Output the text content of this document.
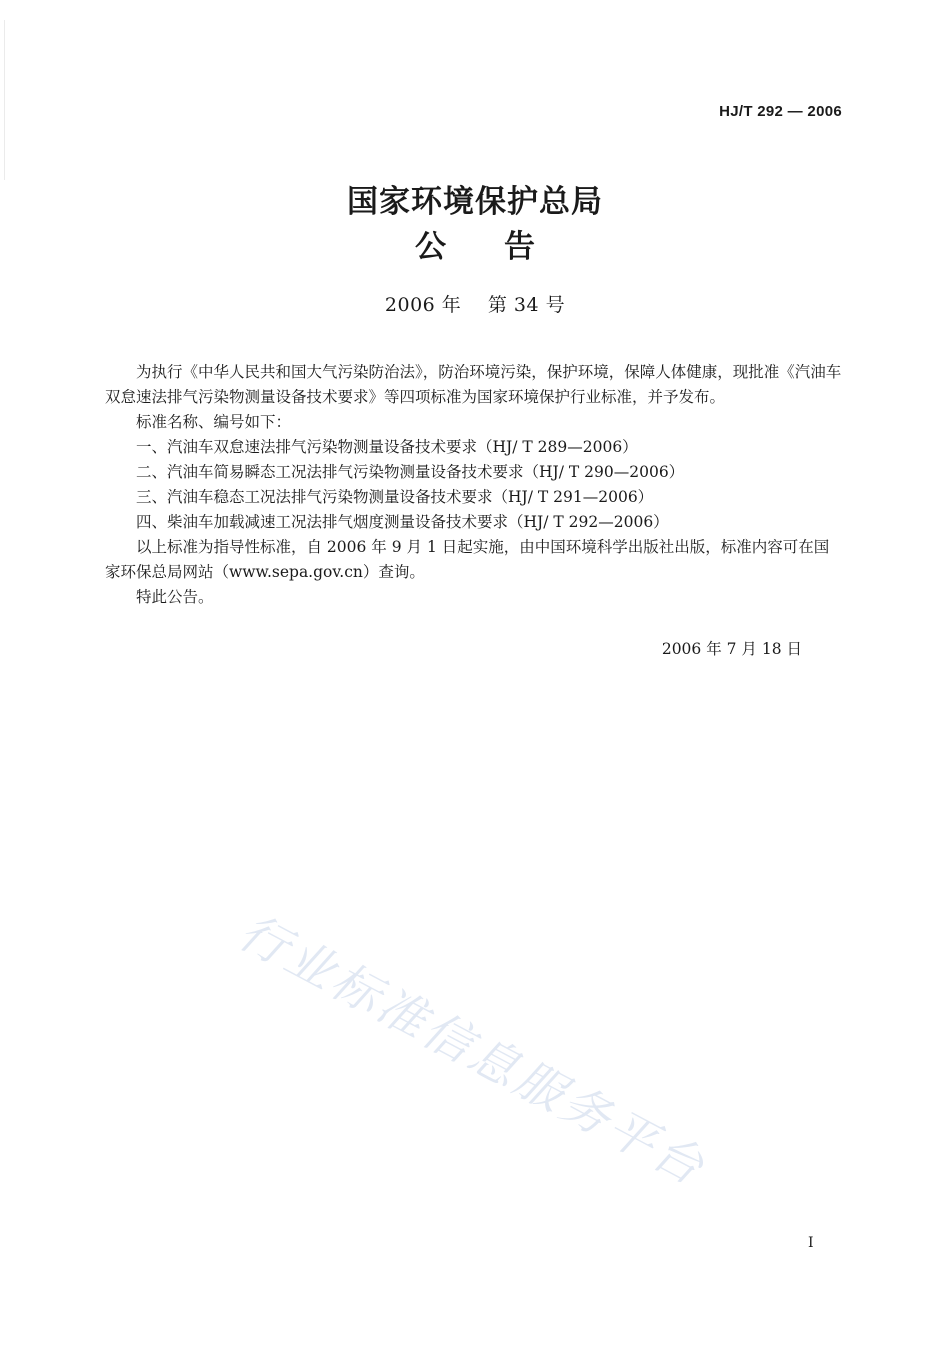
HJ/T 292 — 2006
国家环境保护总局
公告
2006 年 第 34 号

为执行《中华人民共和国大气污染防治法》，防治环境污染，保护环境，保障人体健康，现批准《汽油车双怠速法排气污染物测量设备技术要求》等四项标准为国家环境保护行业标准，并予发布。

标准名称、编号如下：

一、汽油车双怠速法排气污染物测量设备技术要求（HJ/ T 289—2006）

二、汽油车简易瞬态工况法排气污染物测量设备技术要求（HJ/ T 290—2006）

三、汽油车稳态工况法排气污染物测量设备技术要求（HJ/ T 291—2006）

四、柴油车加载减速工况法排气烟度测量设备技术要求（HJ/ T 292—2006）

以上标准为指导性标准，自 2006 年 9 月 1 日起实施，由中国环境科学出版社出版，标准内容可在国家环保总局网站（www.sepa.gov.cn）查询。

特此公告。

2006 年 7 月 18 日
行业标准信息服务平台
I
